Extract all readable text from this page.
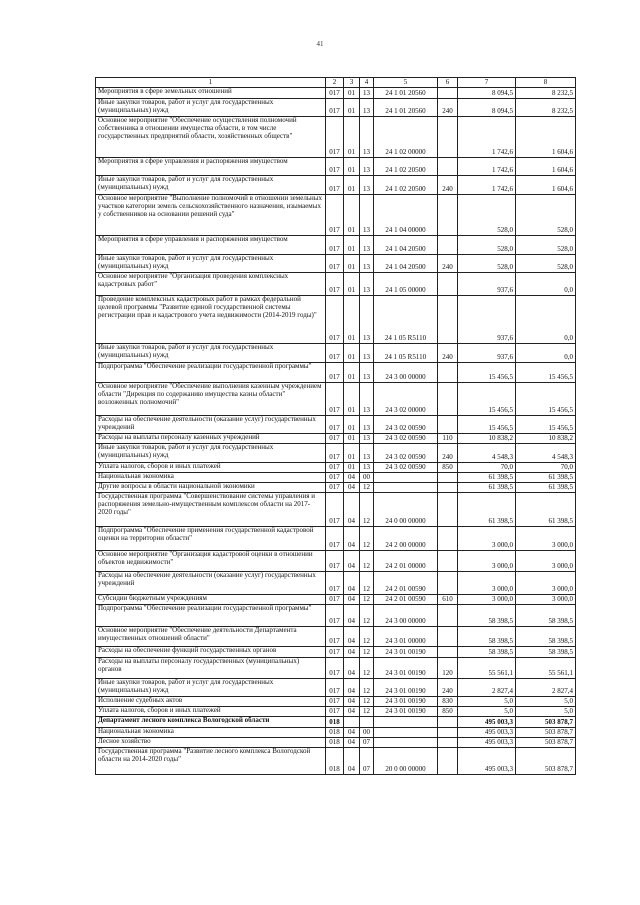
41
1	2	3	4	5	6	7	8
Мероприятия в сфере земельных отношений	017	01	13	24 1 01 20560		8 094,5	8 232,5
Иные закупки товаров, работ и услуг для государственных (муниципальных) нужд	017	01	13	24 1 01 20560	240	8 094,5	8 232,5
Основное мероприятие "Обеспечение осуществления полномочий собственника в отношении имущества области, в том числе государственных предприятий области, хозяйственных обществ"	017	01	13	24 1 02 00000		1 742,6	1 604,6
Мероприятия в сфере управления и распоряжения имуществом	017	01	13	24 1 02 20500		1 742,6	1 604,6
Иные закупки товаров, работ и услуг для государственных (муниципальных) нужд	017	01	13	24 1 02 20500	240	1 742,6	1 604,6
Основное мероприятие "Выполнение полномочий в отношении земельных участков категории земель сельскохозяйственного назначения, изымаемых у собственников на основании решений суда"	017	01	13	24 1 04 00000		528,0	528,0
Мероприятия в сфере управления и распоряжения имуществом	017	01	13	24 1 04 20500		528,0	528,0
Иные закупки товаров, работ и услуг для государственных (муниципальных) нужд	017	01	13	24 1 04 20500	240	528,0	528,0
Основное мероприятие "Организация проведения комплексных кадастровых работ"	017	01	13	24 1 05 00000		937,6	0,0
Проведение комплексных кадастровых работ в рамках федеральной целевой программы "Развитие единой государственной системы регистрации прав и кадастрового учета недвижимости (2014-2019 годы)"	017	01	13	24 1 05 R5110		937,6	0,0
Иные закупки товаров, работ и услуг для государственных (муниципальных) нужд	017	01	13	24 1 05 R5110	240	937,6	0,0
Подпрограмма "Обеспечение реализации государственной программы"	017	01	13	24 3 00 00000		15 456,5	15 456,5
Основное мероприятие "Обеспечение выполнения казенным учреждением области "Дирекция по содержанию имущества казны области" возложенных полномочий"	017	01	13	24 3 02 00000		15 456,5	15 456,5
Расходы на обеспечение деятельности (оказание услуг) государственных учреждений	017	01	13	24 3 02 00590		15 456,5	15 456,5
Расходы на выплаты персоналу казенных учреждений	017	01	13	24 3 02 00590	110	10 838,2	10 838,2
Иные закупки товаров, работ и услуг для государственных (муниципальных) нужд	017	01	13	24 3 02 00590	240	4 548,3	4 548,3
Уплата налогов, сборов и иных платежей	017	01	13	24 3 02 00590	850	70,0	70,0
Национальная экономика	017	04	00			61 398,5	61 398,5
Другие вопросы в области национальной экономики	017	04	12			61 398,5	61 398,5
Государственная программа "Совершенствование системы управления и распоряжения земельно-имущественным комплексом области на 2017-2020 годы"	017	04	12	24 0 00 00000		61 398,5	61 398,5
Подпрограмма "Обеспечение применения государственной кадастровой оценки на территории области"	017	04	12	24 2 00 00000		3 000,0	3 000,0
Основное мероприятие "Организация кадастровой оценки в отношении объектов недвижимости"	017	04	12	24 2 01 00000		3 000,0	3 000,0
Расходы на обеспечение деятельности (оказание услуг) государственных учреждений	017	04	12	24 2 01 00590		3 000,0	3 000,0
Субсидии бюджетным учреждениям	017	04	12	24 2 01 00590	610	3 000,0	3 000,0
Подпрограмма "Обеспечение реализации государственной программы"	017	04	12	24 3 00 00000		58 398,5	58 398,5
Основное мероприятие "Обеспечение деятельности Департамента имущественных отношений области"	017	04	12	24 3 01 00000		58 398,5	58 398,5
Расходы на обеспечение функций государственных органов	017	04	12	24 3 01 00190		58 398,5	58 398,5
Расходы на выплаты персоналу государственных (муниципальных) органов	017	04	12	24 3 01 00190	120	55 561,1	55 561,1
Иные закупки товаров, работ и услуг для государственных (муниципальных) нужд	017	04	12	24 3 01 00190	240	2 827,4	2 827,4
Исполнение судебных актов	017	04	12	24 3 01 00190	830	5,0	5,0
Уплата налогов, сборов и иных платежей	017	04	12	24 3 01 00190	850	5,0	5,0
Департамент лесного комплекса Вологодской области	018					495 003,3	503 878,7
Национальная экономика	018	04	00			495 003,3	503 878,7
Лесное хозяйство	018	04	07			495 003,3	503 878,7
Государственная программа "Развитие лесного комплекса Вологодской области на 2014-2020 годы"	018	04	07	20 0 00 00000		495 003,3	503 878,7
